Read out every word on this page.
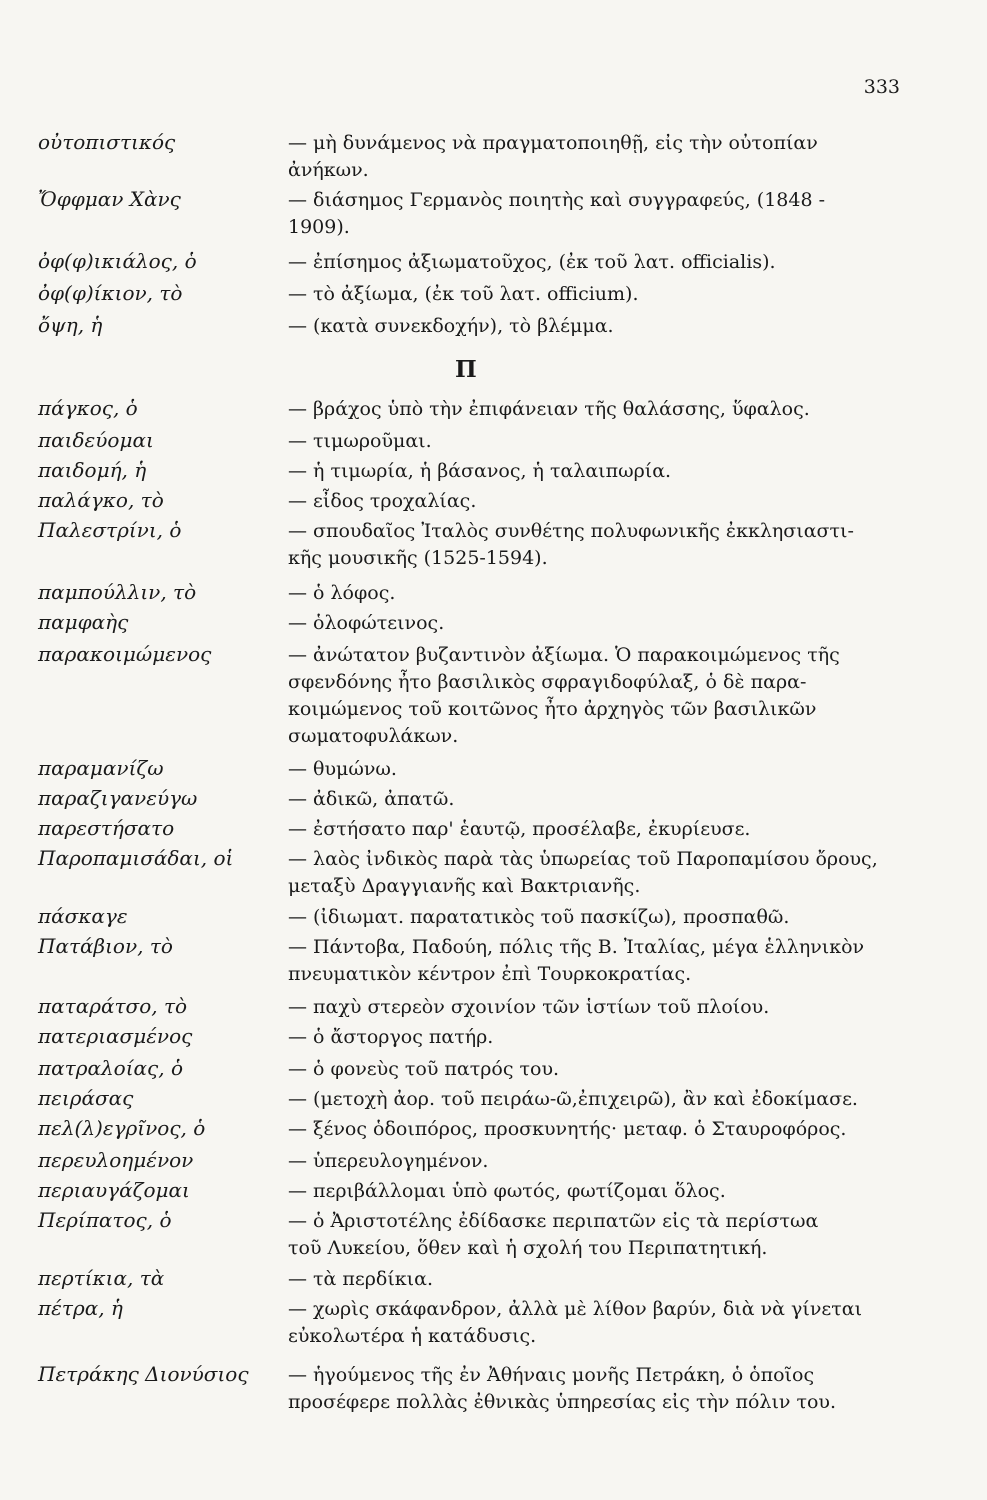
333
Π
οὐτοπιστικός	— μὴ δυνάμενος νὰ πραγματοποιηθῇ, εἰς τὴν οὐτοπίαν
ἀνήκων.
Ὄφφμαν Χὰνς	— διάσημος Γερμανὸς ποιητὴς καὶ συγγραφεύς, (1848 -
1909).
ὀφ(φ)ικιάλος, ὁ	— ἐπίσημος ἀξιωματοῦχος, (ἐκ τοῦ λατ. officialis).
ὀφ(φ)ίκιον, τὸ	— τὸ ἀξίωμα, (ἐκ τοῦ λατ. officium).
ὄψη, ἡ	— (κατὰ συνεκδοχήν), τὸ βλέμμα.
πάγκος, ὁ	— βράχος ὑπὸ τὴν ἐπιφάνειαν τῆς θαλάσσης, ὕφαλος.
παιδεύομαι	— τιμωροῦμαι.
παιδομή, ἡ	— ἡ τιμωρία, ἡ βάσανος, ἡ ταλαιπωρία.
παλάγκο, τὸ	— εἶδος τροχαλίας.
Παλεστρίνι, ὁ	— σπουδαῖος Ἰταλὸς συνθέτης πολυφωνικῆς ἐκκλησιαστι-
κῆς μουσικῆς (1525-1594).
παμπούλλιν, τὸ	— ὁ λόφος.
παμφαὴς	— ὁλοφώτεινος.
παρακοιμώμενος	— ἀνώτατον βυζαντινὸν ἀξίωμα. Ὁ παρακοιμώμενος τῆς
σφενδόνης ἦτο βασιλικὸς σφραγιδοφύλαξ, ὁ δὲ παρα-
κοιμώμενος τοῦ κοιτῶνος ἦτο ἀρχηγὸς τῶν βασιλικῶν
σωματοφυλάκων.
παραμανίζω	— θυμώνω.
παραζιγανεύγω	— ἀδικῶ, ἀπατῶ.
παρεστήσατο	— ἐστήσατο παρ' ἑαυτῷ, προσέλαβε, ἐκυρίευσε.
Παροπαμισάδαι, οἱ	— λαὸς ἰνδικὸς παρὰ τὰς ὑπωρείας τοῦ Παροπαμίσου ὄρους,
μεταξὺ Δραγγιανῆς καὶ Βακτριανῆς.
πάσκαγε	— (ἰδιωματ. παρατατικὸς τοῦ πασκίζω), προσπαθῶ.
Πατάβιον, τὸ	— Πάντοβα, Παδούη, πόλις τῆς Β. Ἰταλίας, μέγα ἑλληνικὸν
πνευματικὸν κέντρον ἐπὶ Τουρκοκρατίας.
παταράτσο, τὸ	— παχὺ στερεὸν σχοινίον τῶν ἱστίων τοῦ πλοίου.
πατεριασμένος	— ὁ ἄστοργος πατήρ.
πατραλοίας, ὁ	— ὁ φονεὺς τοῦ πατρός του.
πειράσας	— (μετοχὴ ἀορ. τοῦ πειράω-ῶ,ἐπιχειρῶ), ἂν καὶ ἐδοκίμασε.
πελ(λ)εγρῖνος, ὁ	— ξένος ὁδοιπόρος, προσκυνητής· μεταφ. ὁ Σταυροφόρος.
περευλοημένον	— ὑπερευλογημένον.
περιαυγάζομαι	— περιβάλλομαι ὑπὸ φωτός, φωτίζομαι ὅλος.
Περίπατος, ὁ	— ὁ Ἀριστοτέλης ἐδίδασκε περιπατῶν εἰς τὰ περίστωα
τοῦ Λυκείου, ὅθεν καὶ ἡ σχολή του Περιπατητική.
περτίκια, τὰ	— τὰ περδίκια.
πέτρα, ἡ	— χωρὶς σκάφανδρον, ἀλλὰ μὲ λίθον βαρύν, διὰ νὰ γίνεται
εὐκολωτέρα ἡ κατάδυσις.
Πετράκης Διονύσιος — ἡγούμενος τῆς ἐν Ἀθήναις μονῆς Πετράκη, ὁ ὁποῖος
προσέφερε πολλὰς ἐθνικὰς ὑπηρεσίας εἰς τὴν πόλιν του.
